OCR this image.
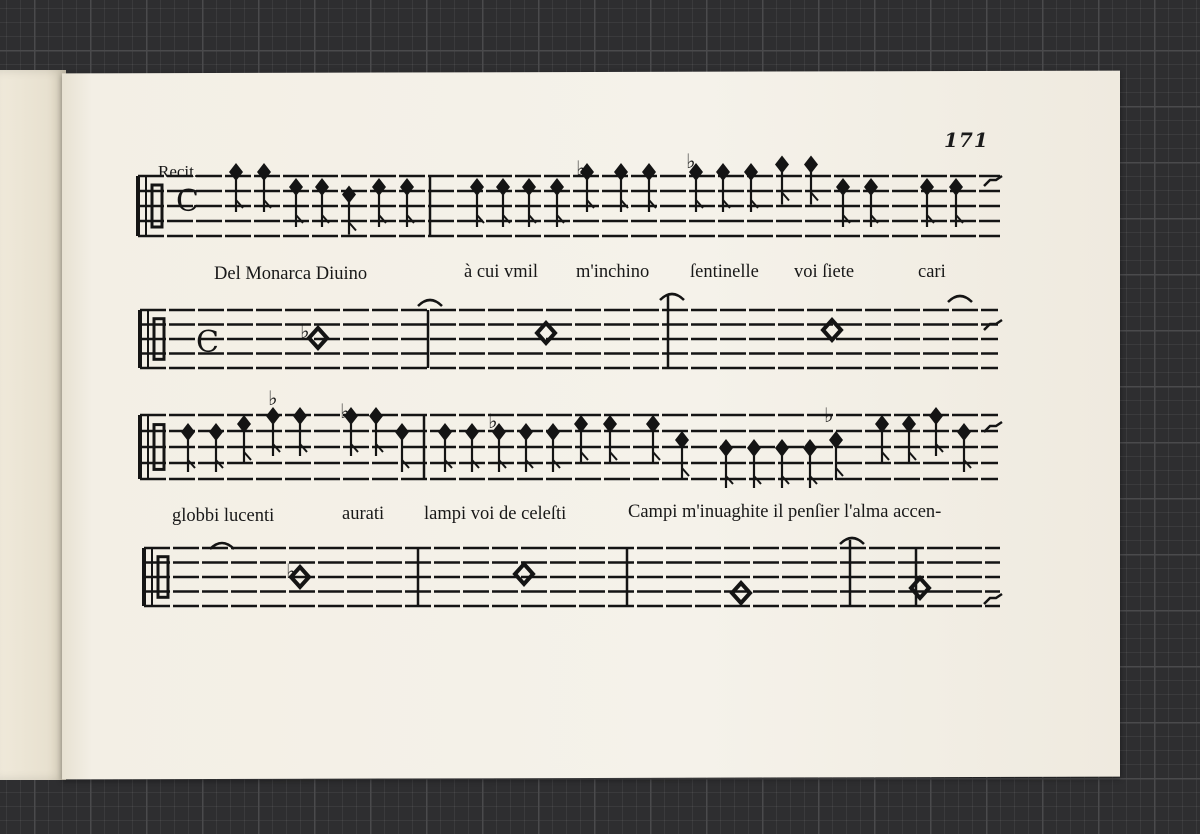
171
C
C	♭
♭	♭
♭
♭
♭
♭
♭
Recit.
Del Monarca Diuino	à cui vmil m'inchino ſentinelle voi ſiete	cari
globbi lucenti	aurati lampi voi de celeſti	Campi m'inuaghite il penſier l'alma accen-
